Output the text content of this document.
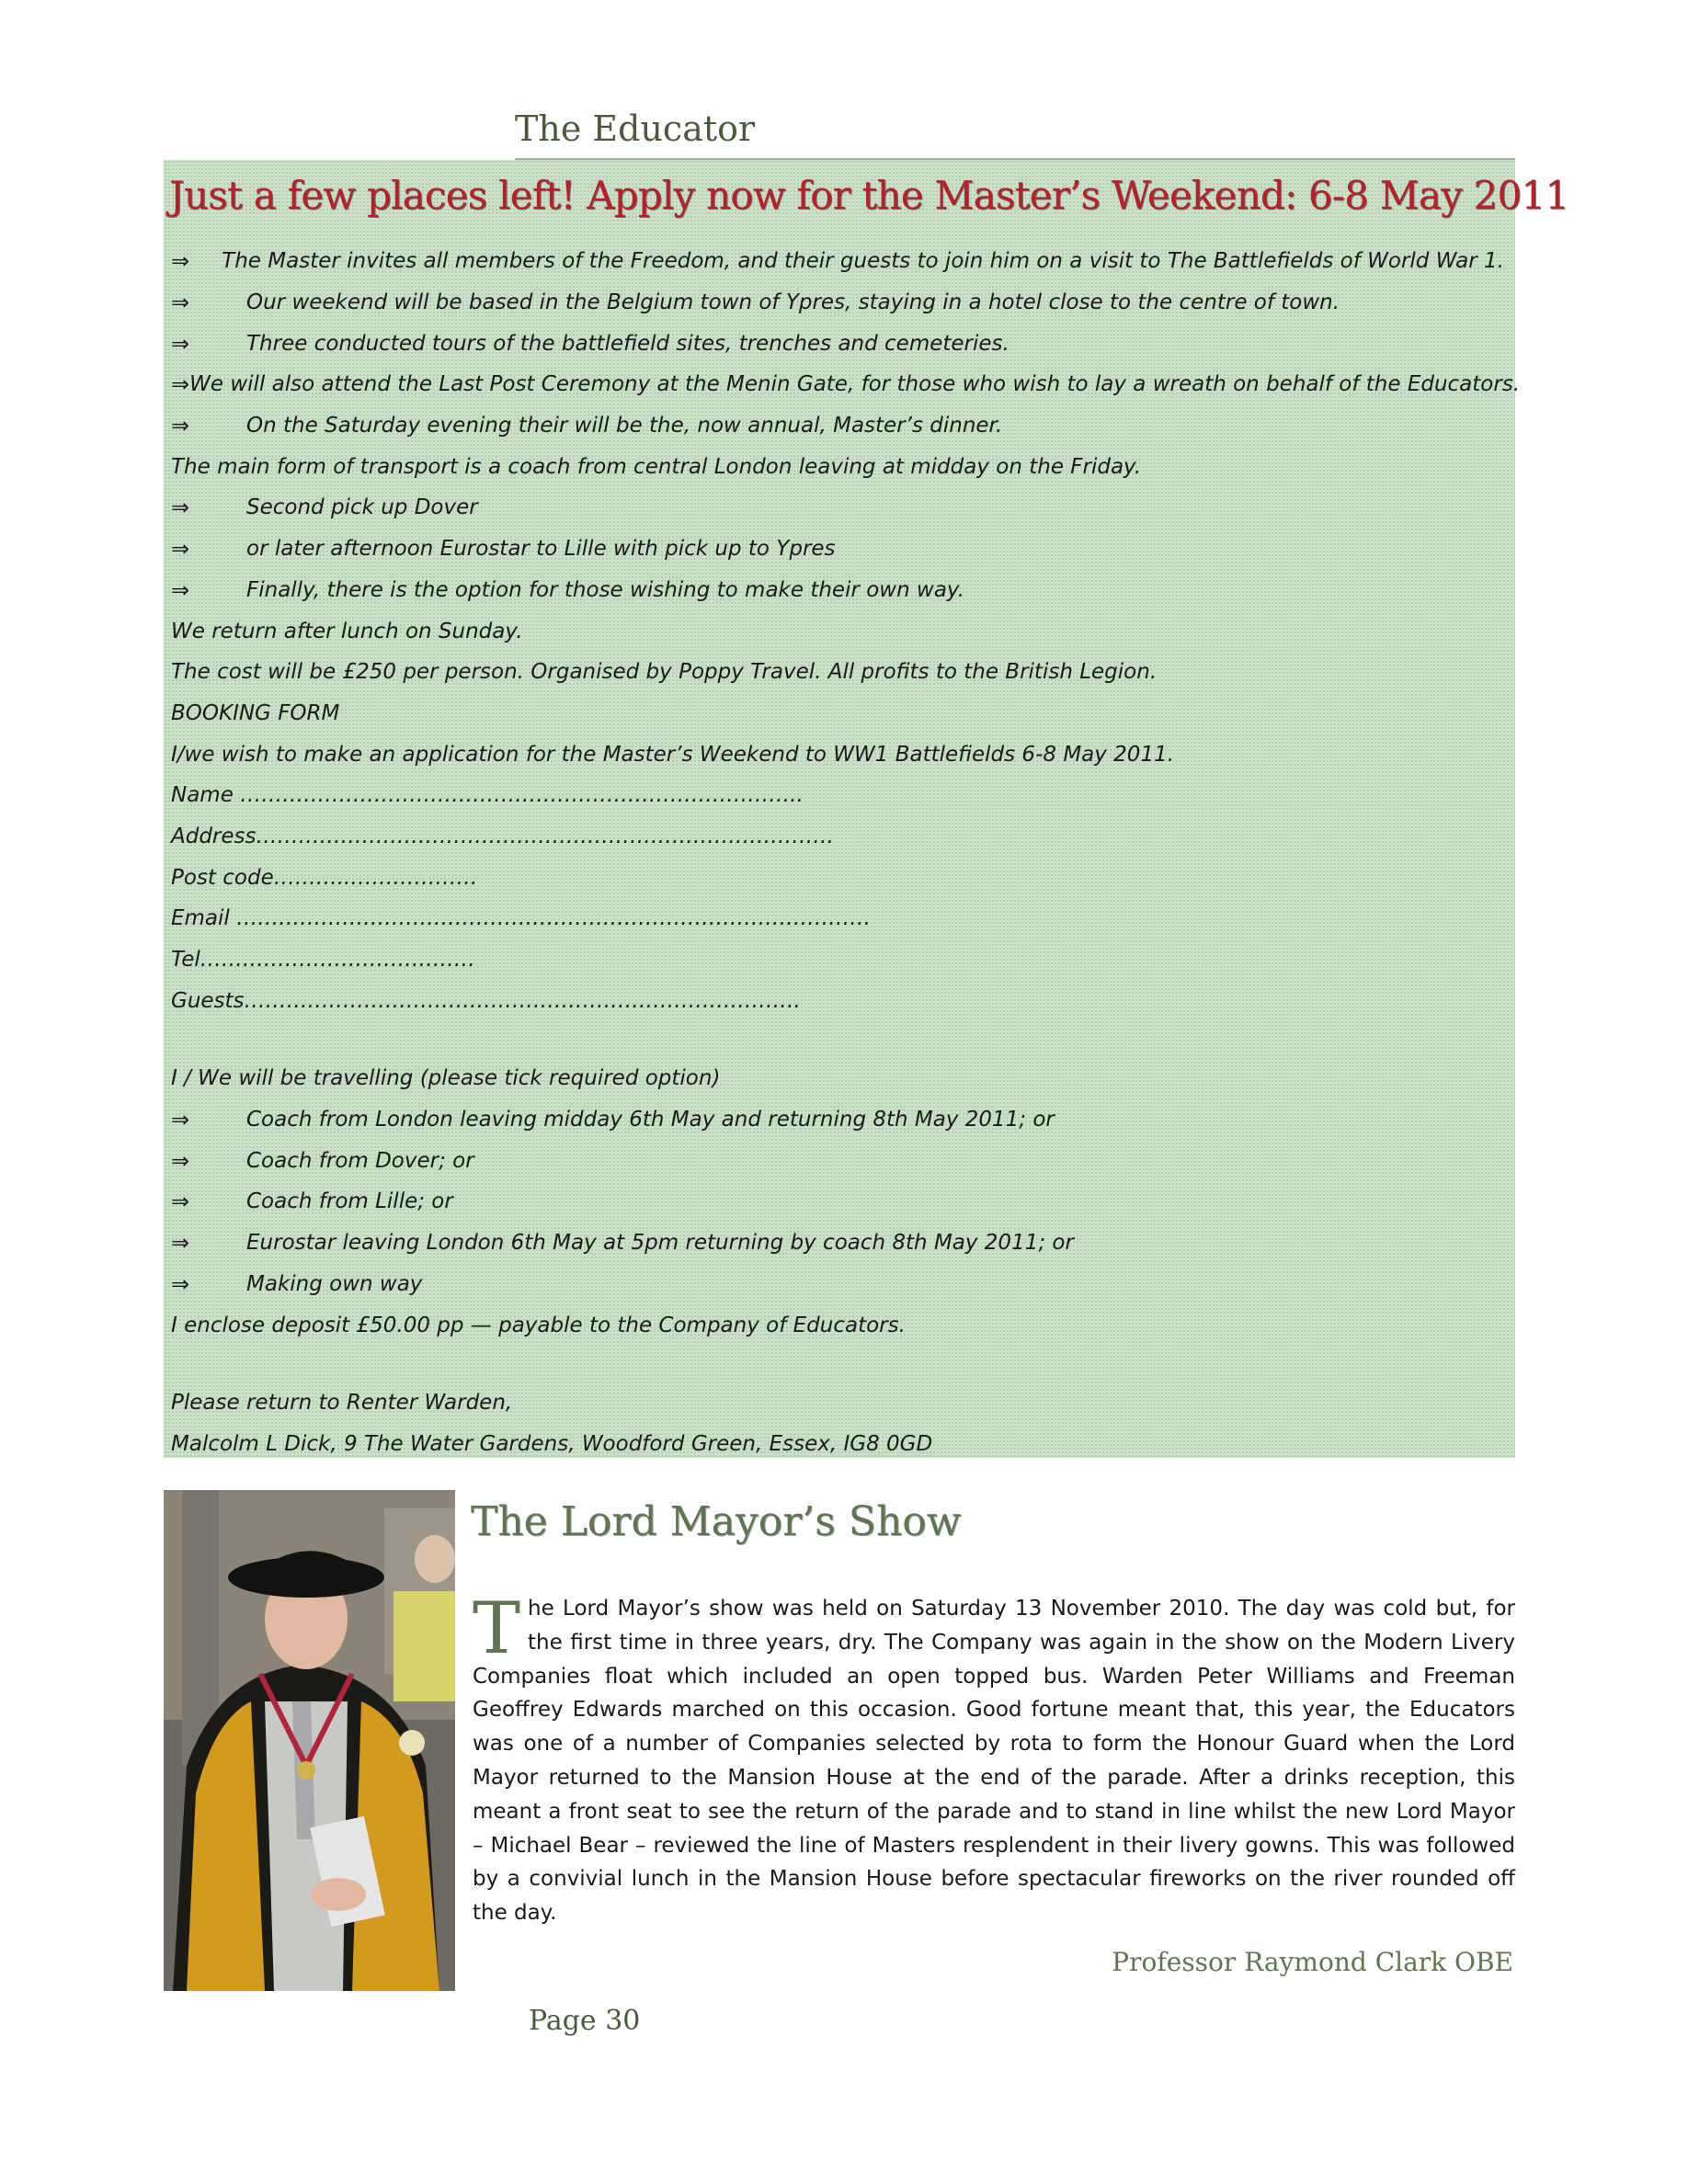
The Educator
Just a few places left! Apply now for the Master’s Weekend: 6-8 May 2011
⇒	The Master invites all members of the Freedom, and their guests to join him on a visit to The Battlefields of World War 1.
⇒	Our weekend will be based in the Belgium town of Ypres, staying in a hotel close to the centre of town.
⇒	Three conducted tours of the battlefield sites, trenches and cemeteries.
⇒ We will also attend the Last Post Ceremony at the Menin Gate, for those who wish to lay a wreath on behalf of the Educators.
⇒	On the Saturday evening their will be the, now annual, Master’s dinner.
The main form of transport is a coach from central London leaving at midday on the Friday.
⇒	Second pick up Dover
⇒	or later afternoon Eurostar to Lille with pick up to Ypres
⇒	Finally, there is the option for those wishing to make their own way.
We return after lunch on Sunday.
The cost will be £250 per person. Organised by Poppy Travel. All profits to the British Legion.
BOOKING FORM
I/we wish to make an application for the Master’s Weekend to WW1 Battlefields 6-8 May 2011.
Name ……………………………………………………………………..
Address……………………………………………………………………….
Post code………..………………
Email ………………………………………………………………………………
Tel…………………………………
Guests…………………………………………………………………….
I / We will be travelling (please tick required option)
⇒	Coach from London leaving midday 6th May and returning 8th May 2011; or
⇒	Coach from Dover; or
⇒	Coach from Lille; or
⇒	Eurostar leaving London 6th May at 5pm returning by coach 8th May 2011; or
⇒	Making own way
I enclose deposit £50.00 pp — payable to the Company of Educators.
Please return to Renter Warden,
Malcolm L Dick, 9 The Water Gardens, Woodford Green, Essex, IG8 0GD
The Lord Mayor’s Show
The Lord Mayor’s show was held on Saturday 13 November 2010. The day was cold but, for the first time in three years, dry. The Company was again in the show on the Modern Livery Companies float which included an open topped bus. Warden Peter Williams and Freeman Geoffrey Edwards marched on this occasion. Good fortune meant that, this year, the Educators was one of a number of Companies selected by rota to form the Honour Guard when the Lord Mayor returned to the Mansion House at the end of the parade. After a drinks reception, this meant a front seat to see the return of the parade and to stand in line whilst the new Lord Mayor – Michael Bear – reviewed the line of Masters resplendent in their livery gowns. This was followed by a convivial lunch in the Mansion House before spectacular fireworks on the river rounded off the day.
Professor Raymond Clark OBE
Page 30
